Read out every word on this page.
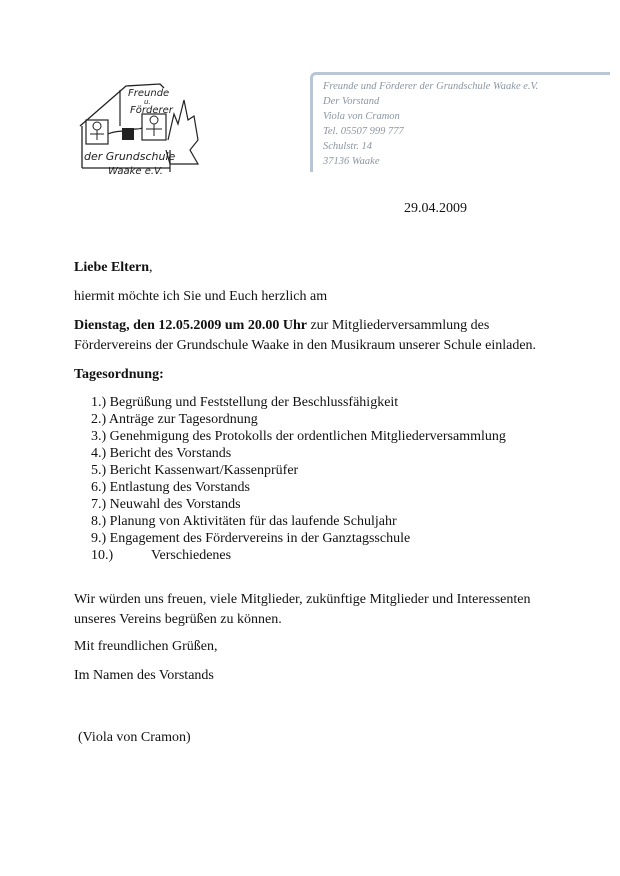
Freunde
u.
Förderer
der Grundschule
Waake e.V.
Freunde und Förderer der Grundschule Waake e.V.
Der Vorstand
Viola von Cramon
Tel. 05507 999 777
Schulstr. 14
37136 Waake
29.04.2009
Liebe Eltern,
hiermit möchte ich Sie und Euch herzlich am
Dienstag, den 12.05.2009 um 20.00 Uhr zur Mitgliederversammlung des Fördervereins der Grundschule Waake in den Musikraum unserer Schule einladen.
Tagesordnung:
1.) Begrüßung und Feststellung der Beschlussfähigkeit
2.) Anträge zur Tagesordnung
3.) Genehmigung des Protokolls der ordentlichen Mitgliederversammlung
4.) Bericht des Vorstands
5.) Bericht Kassenwart/Kassenprüfer
6.) Entlastung des Vorstands
7.) Neuwahl des Vorstands
8.) Planung von Aktivitäten für das laufende Schuljahr
9.) Engagement des Fördervereins in der Ganztagsschule
10.)	Verschiedenes
Wir würden uns freuen, viele Mitglieder, zukünftige Mitglieder und Interessenten unseres Vereins begrüßen zu können.
Mit freundlichen Grüßen,
Im Namen des Vorstands
(Viola von Cramon)
